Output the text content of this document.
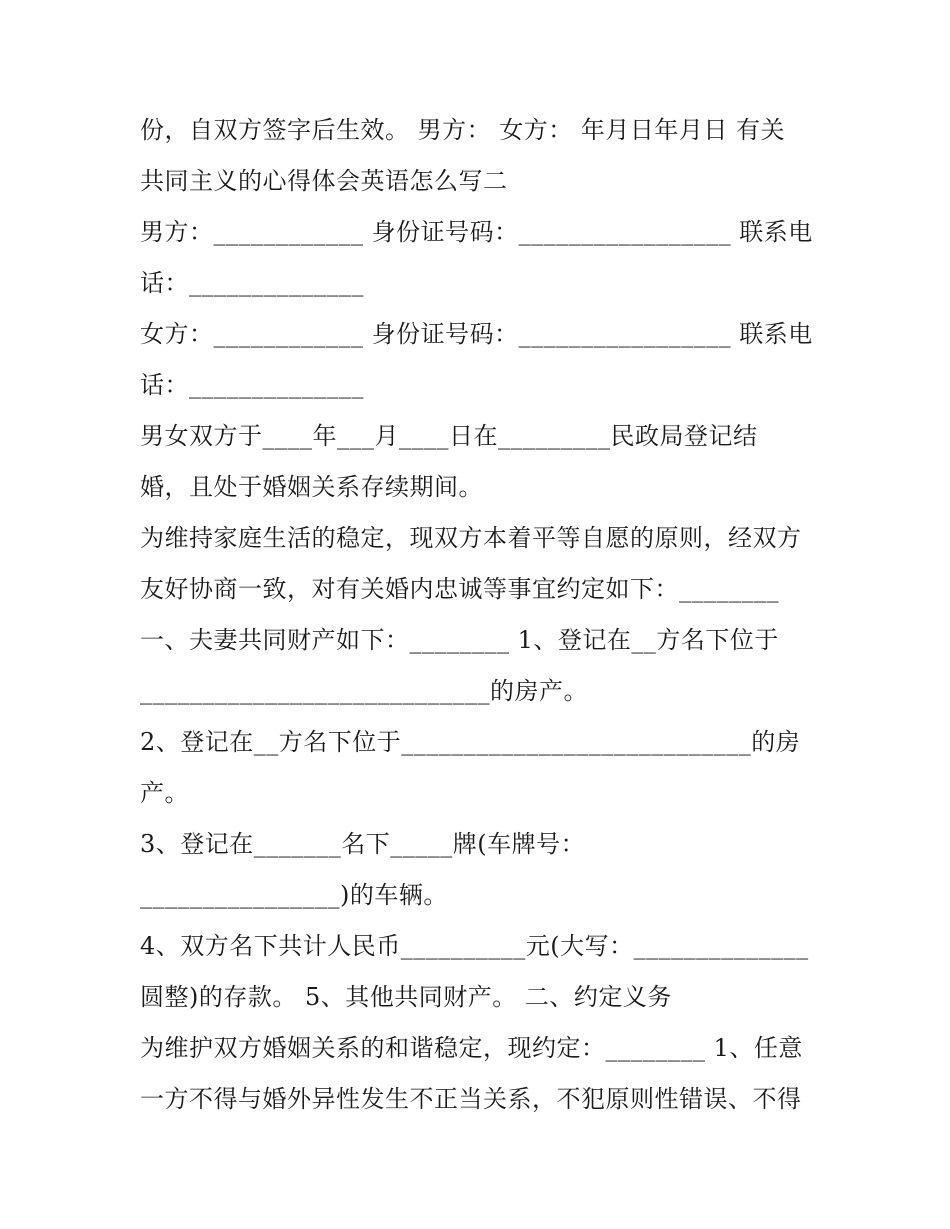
份，自双方签字后生效。 男方： 女方： 年月日年月日 有关
共同主义的心得体会英语怎么写二
男方：____________ 身份证号码：_________________ 联系电
话：______________
女方：____________ 身份证号码：_________________ 联系电
话：______________
男女双方于____年___月____日在_________民政局登记结
婚，且处于婚姻关系存续期间。
为维持家庭生活的稳定，现双方本着平等自愿的原则，经双方
友好协商一致，对有关婚内忠诚等事宜约定如下：________
一、夫妻共同财产如下：________ 1、登记在__方名下位于
____________________________的房产。
2、登记在__方名下位于____________________________的房
产。
3、登记在_______名下_____牌(车牌号：
________________)的车辆。
4、双方名下共计人民币__________元(大写：______________
圆整)的存款。 5、其他共同财产。 二、约定义务
为维护双方婚姻关系的和谐稳定，现约定：________ 1、任意
一方不得与婚外异性发生不正当关系，不犯原则性错误、不得
